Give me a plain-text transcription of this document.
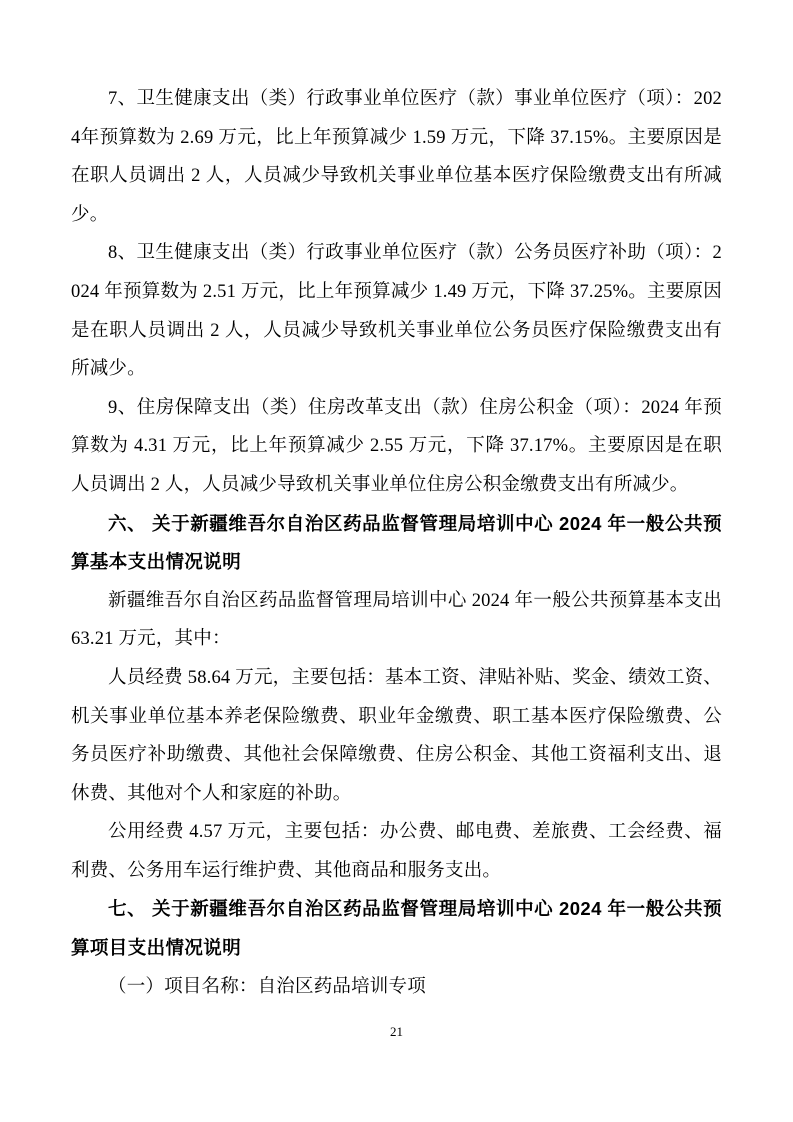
7、卫生健康支出（类）行政事业单位医疗（款）事业单位医疗（项）：2024年预算数为 2.69 万元，比上年预算减少 1.59 万元，下降 37.15%。主要原因是在职人员调出 2 人，人员减少导致机关事业单位基本医疗保险缴费支出有所减少。

8、卫生健康支出（类）行政事业单位医疗（款）公务员医疗补助（项）：2024 年预算数为 2.51 万元，比上年预算减少 1.49 万元，下降 37.25%。主要原因是在职人员调出 2 人，人员减少导致机关事业单位公务员医疗保险缴费支出有所减少。

9、住房保障支出（类）住房改革支出（款）住房公积金（项）：2024 年预算数为 4.31 万元，比上年预算减少 2.55 万元，下降 37.17%。主要原因是在职人员调出 2 人，人员减少导致机关事业单位住房公积金缴费支出有所减少。

六、 关于新疆维吾尔自治区药品监督管理局培训中心 2024 年一般公共预算基本支出情况说明

新疆维吾尔自治区药品监督管理局培训中心 2024 年一般公共预算基本支出 63.21 万元，其中：

人员经费 58.64 万元，主要包括：基本工资、津贴补贴、奖金、绩效工资、机关事业单位基本养老保险缴费、职业年金缴费、职工基本医疗保险缴费、公务员医疗补助缴费、其他社会保障缴费、住房公积金、其他工资福利支出、退休费、其他对个人和家庭的补助。

公用经费 4.57 万元，主要包括：办公费、邮电费、差旅费、工会经费、福利费、公务用车运行维护费、其他商品和服务支出。

七、 关于新疆维吾尔自治区药品监督管理局培训中心 2024 年一般公共预算项目支出情况说明

（一）项目名称：自治区药品培训专项

21
